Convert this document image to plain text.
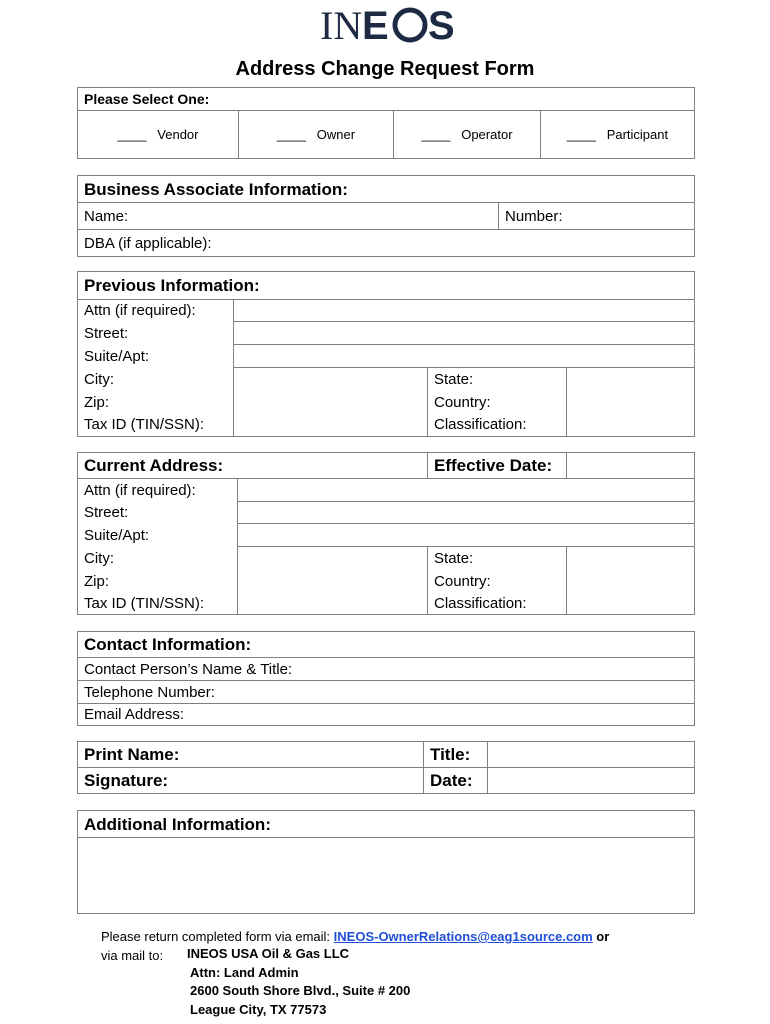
IN E S
Address Change Request Form
Please Select One:
____ Vendor	____ Owner	____ Operator	____ Participant
Business Associate Information:
Name:	Number:
DBA (if applicable):
Previous Information:			
Attn (if required):			
Street:			
Suite/Apt:			
City:		State:	
Zip:		Country:	
Tax ID (TIN/SSN):		Classification:	
Current Address:		Effective Date:	
Attn (if required):			
Street:			
Suite/Apt:			
City:		State:	
Zip:		Country:	
Tax ID (TIN/SSN):		Classification:	
Contact Information:
Contact Person’s Name & Title:
Telephone Number:
Email Address:
Print Name:	Title:	
Signature:	Date:	
Additional Information:

Please return completed form via email: INEOS-OwnerRelations@eag1source.com or
via mail to:	INEOS USA Oil & Gas LLC
Attn: Land Admin
2600 South Shore Blvd., Suite # 200
League City, TX 77573
